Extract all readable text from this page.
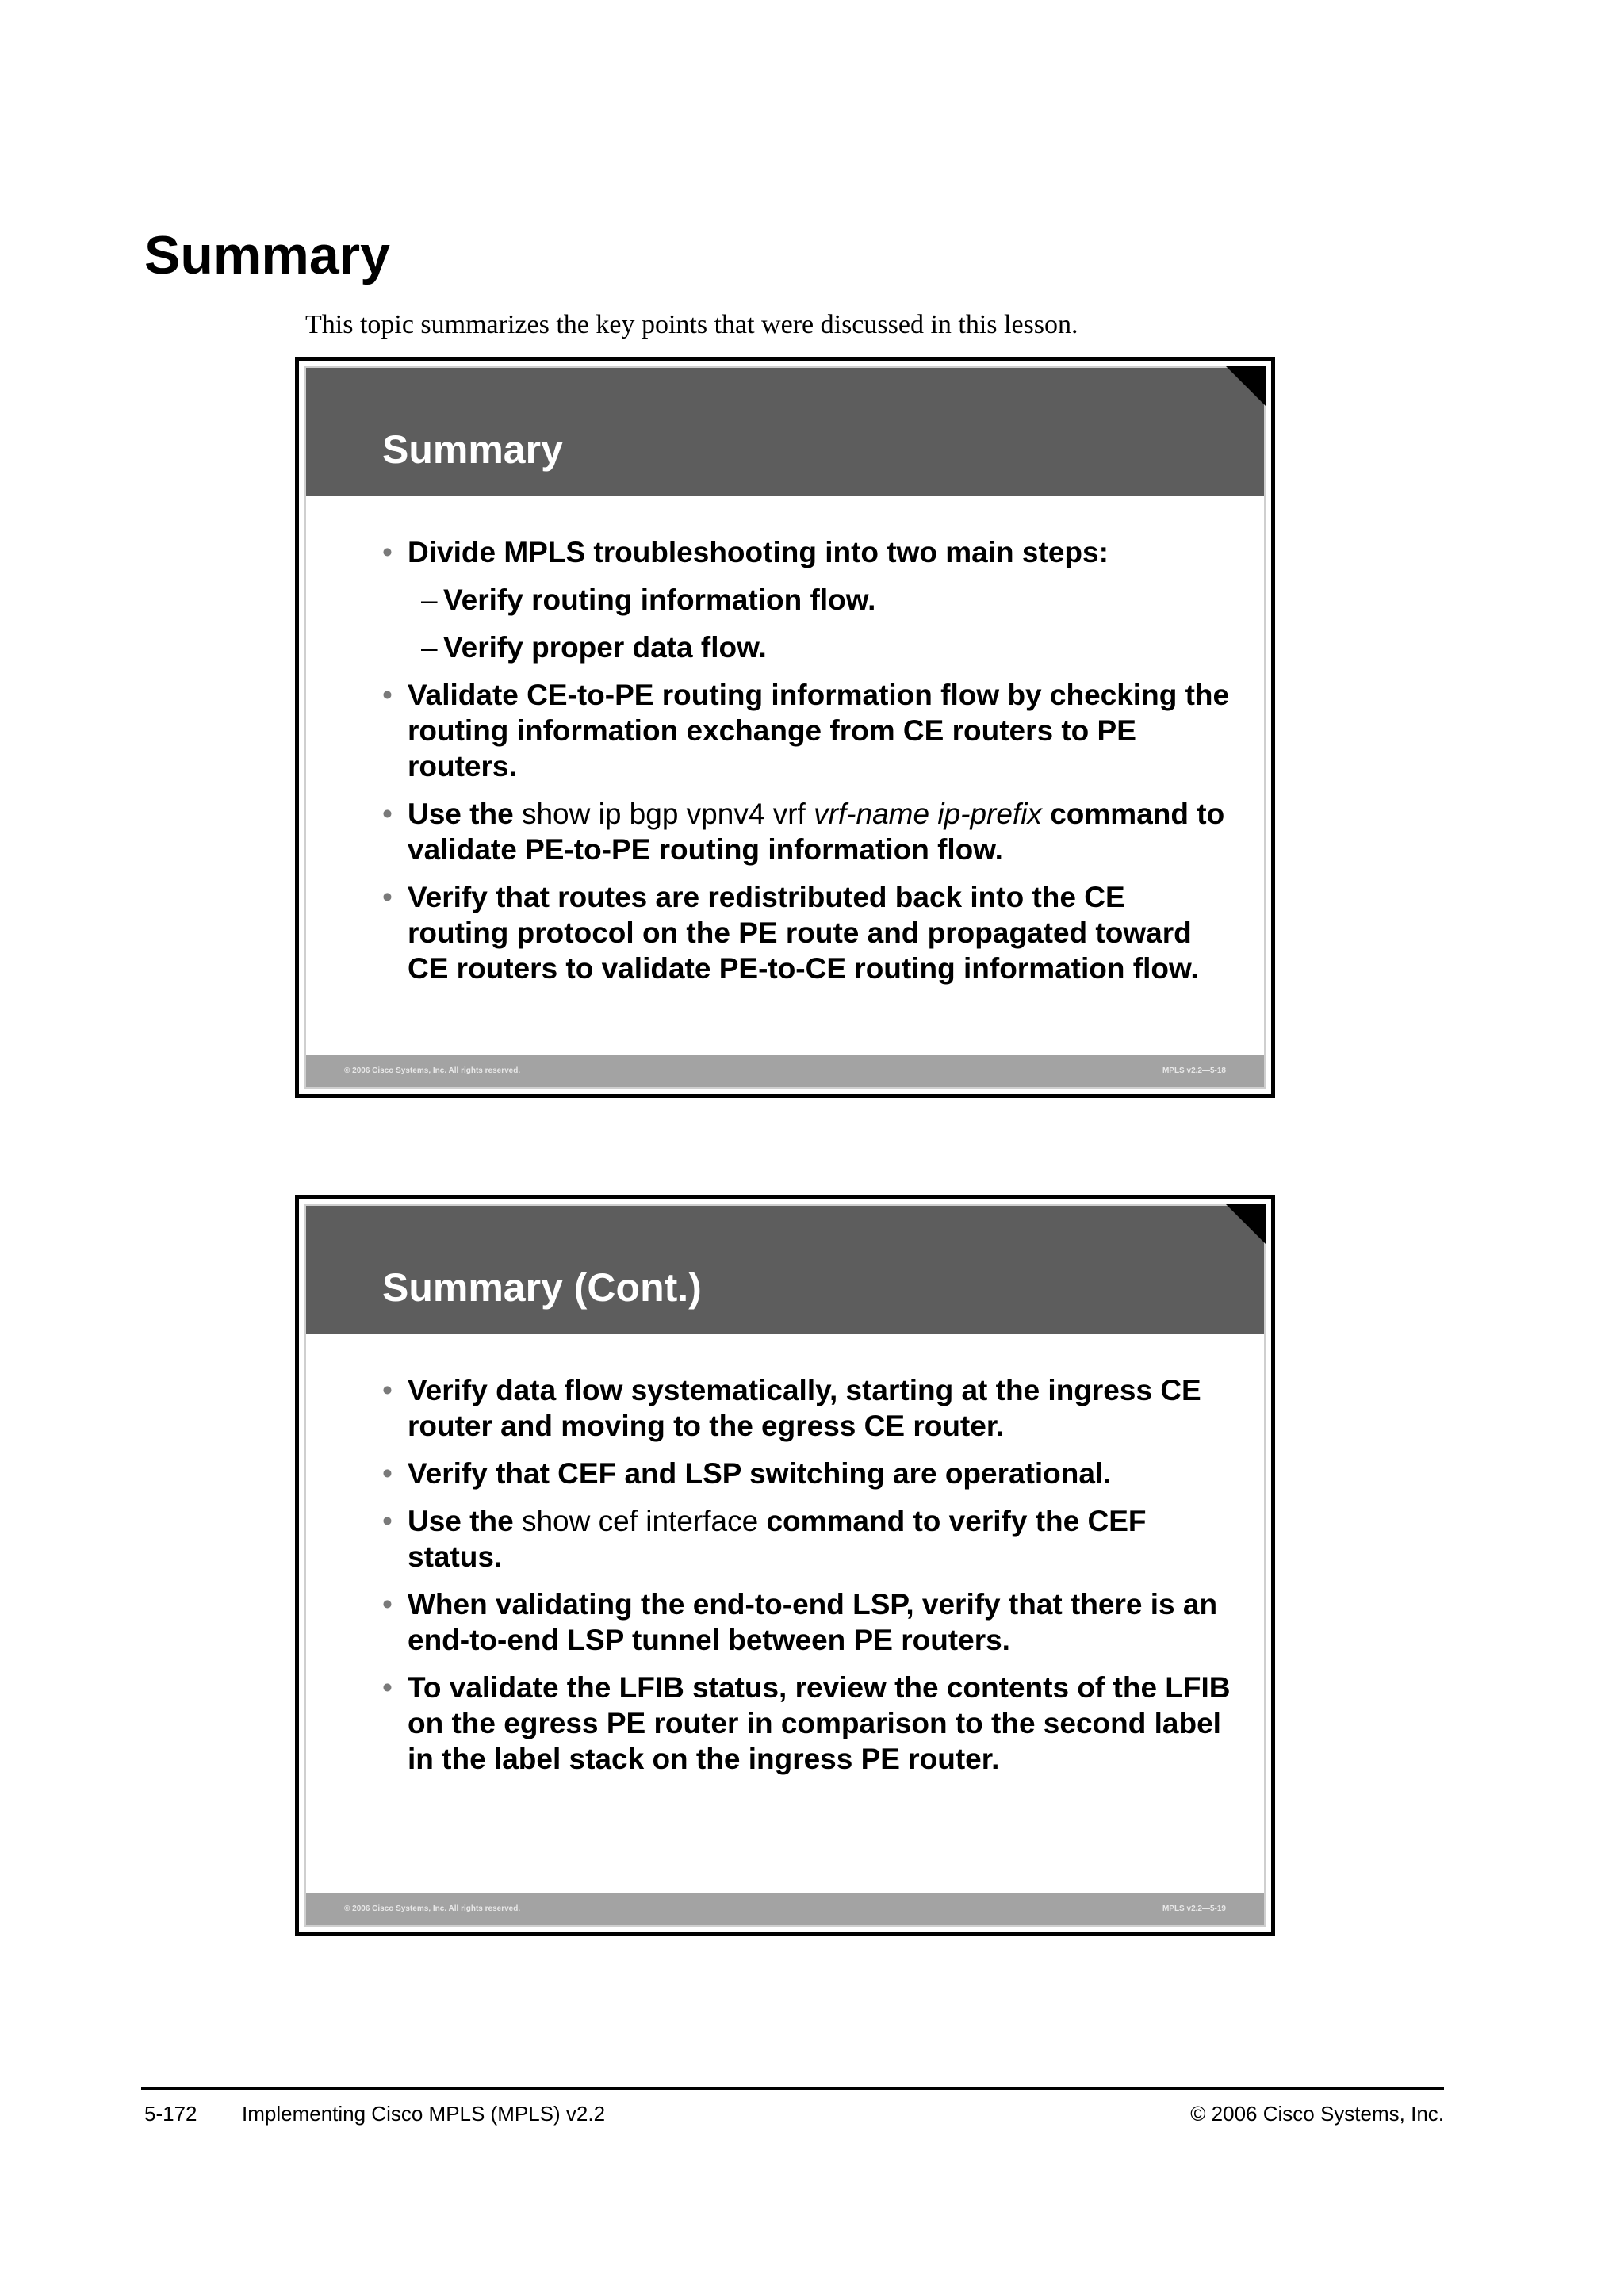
Summary
This topic summarizes the key points that were discussed in this lesson.
Summary
• Divide MPLS troubleshooting into two main steps:
– Verify routing information flow.
– Verify proper data flow.
• Validate CE-to-PE routing information flow by checking the routing information exchange from CE routers to PE routers.
• Use the show ip bgp vpnv4 vrf vrf-name ip-prefix command to validate PE-to-PE routing information flow.
• Verify that routes are redistributed back into the CE routing protocol on the PE route and propagated toward CE routers to validate PE-to-CE routing information flow.
© 2006 Cisco Systems, Inc. All rights reserved.	MPLS v2.2—5-18
Summary (Cont.)
• Verify data flow systematically, starting at the ingress CE router and moving to the egress CE router.
• Verify that CEF and LSP switching are operational.
• Use the show cef interface command to verify the CEF status.
• When validating the end-to-end LSP, verify that there is an end-to-end LSP tunnel between PE routers.
• To validate the LFIB status, review the contents of the LFIB on the egress PE router in comparison to the second label in the label stack on the ingress PE router.
© 2006 Cisco Systems, Inc. All rights reserved.	MPLS v2.2—5-19
5-172 Implementing Cisco MPLS (MPLS) v2.2	© 2006 Cisco Systems, Inc.
